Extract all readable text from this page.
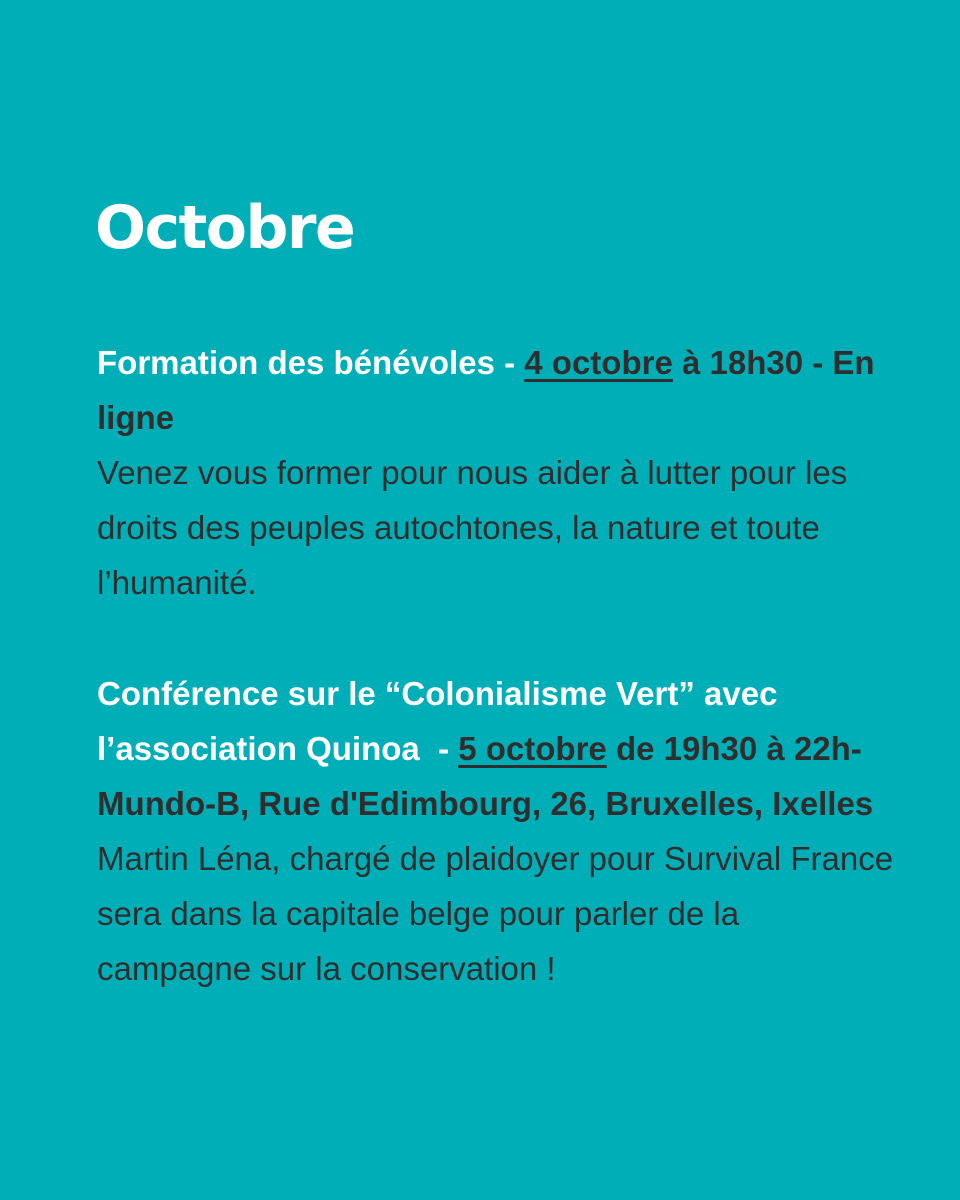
Octobre

Formation des bénévoles - 4 octobre à 18h30 - En ligne
Venez vous former pour nous aider à lutter pour les droits des peuples autochtones, la nature et toute l’humanité.

Conférence sur le “Colonialisme Vert” avec l’association Quinoa  - 5 octobre de 19h30 à 22h- Mundo-B, Rue d'Edimbourg, 26, Bruxelles, Ixelles
Martin Léna, chargé de plaidoyer pour Survival France sera dans la capitale belge pour parler de la campagne sur la conservation !
